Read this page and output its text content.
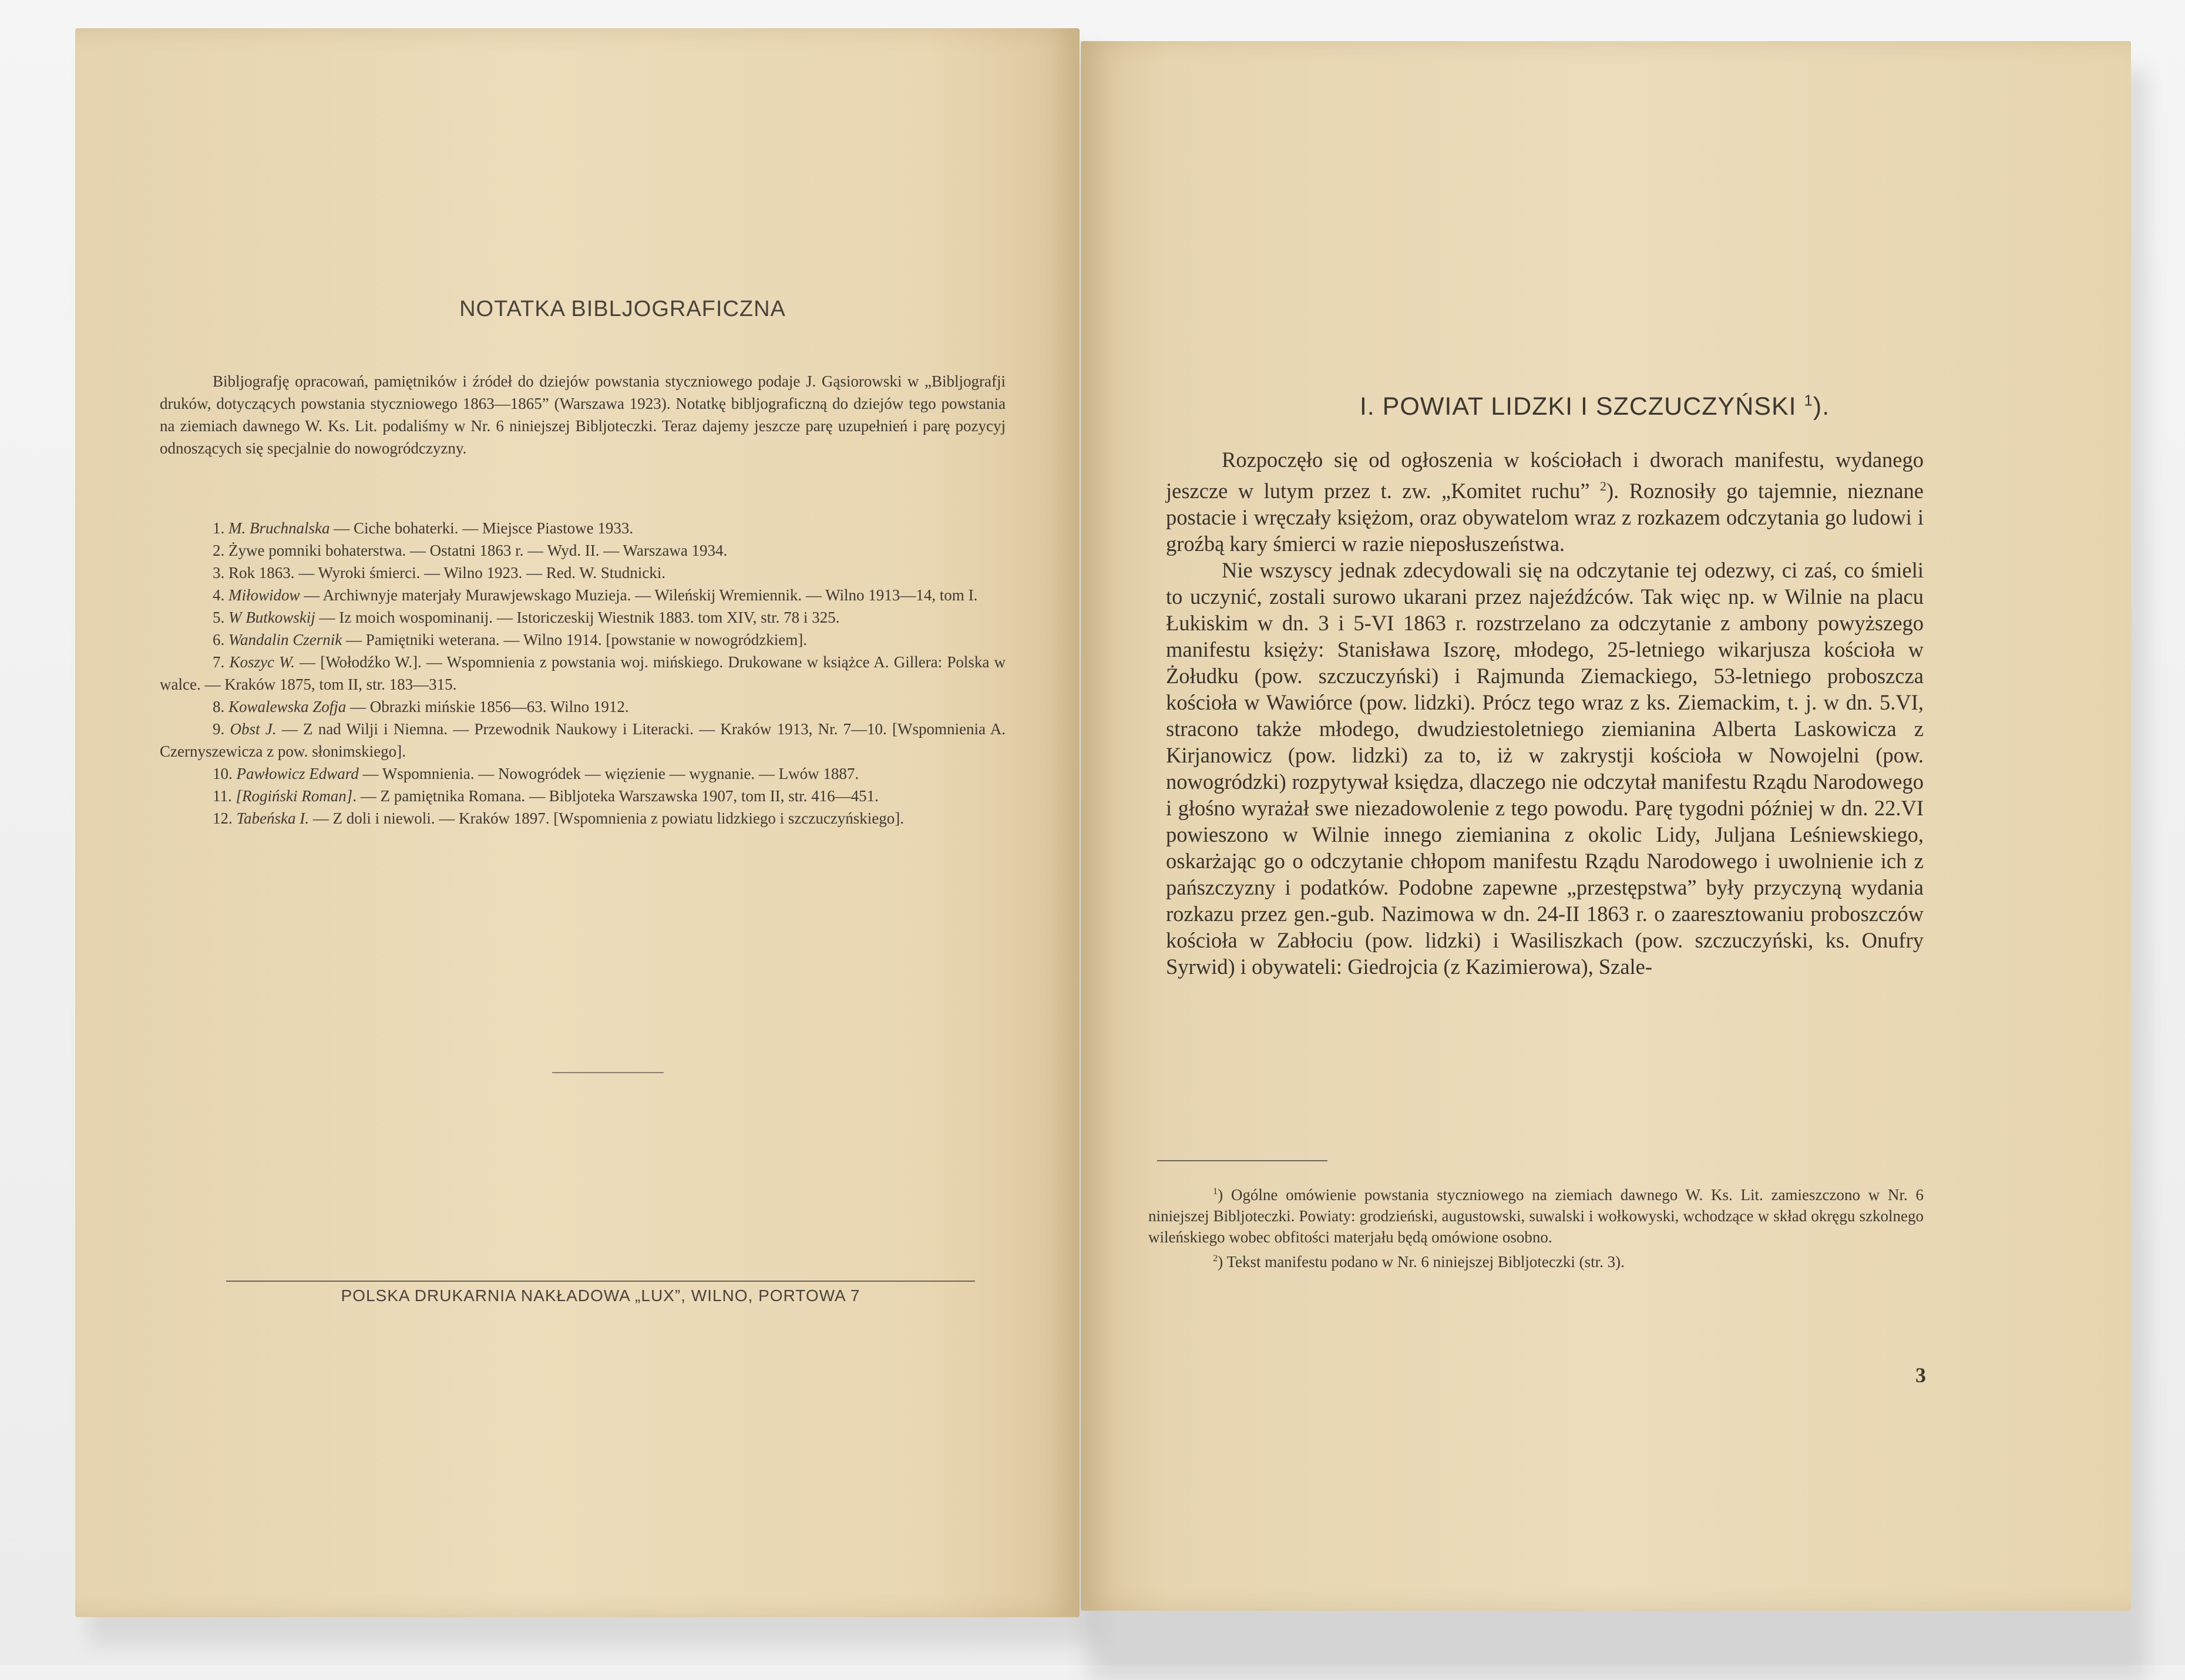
NOTATKA BIBLJOGRAFICZNA
Bibljografję opracowań, pamiętników i źródeł do dziejów powstania styczniowego podaje J. Gąsiorowski w „Bibljografji druków, dotyczących powstania styczniowego 1863—1865” (Warszawa 1923). Notatkę bibljograficzną do dziejów tego powstania na ziemiach dawnego W. Ks. Lit. podaliśmy w Nr. 6 niniejszej Bibljoteczki. Teraz dajemy jeszcze parę uzupełnień i parę pozycyj odnoszących się specjalnie do nowogródczyzny.
1. M. Bruchnalska — Ciche bohaterki. — Miejsce Piastowe 1933.
2. Żywe pomniki bohaterstwa. — Ostatni 1863 r. — Wyd. II. — Warszawa 1934.
3. Rok 1863. — Wyroki śmierci. — Wilno 1923. — Red. W. Studnicki.
4. Miłowidow — Archiwnyje materjały Murawjewskago Muzieja. — Wileńskij Wremiennik. — Wilno 1913—14, tom I.
5. W Butkowskij — Iz moich wospominanij. — Istoriczeskij Wiestnik 1883. tom XIV, str. 78 i 325.
6. Wandalin Czernik — Pamiętniki weterana. — Wilno 1914. [powstanie w nowogródzkiem].
7. Koszyc W. — [Wołodźko W.]. — Wspomnienia z powstania woj. mińskiego. Drukowane w książce A. Gillera: Polska w walce. — Kraków 1875, tom II, str. 183—315.
8. Kowalewska Zofja — Obrazki mińskie 1856—63. Wilno 1912.
9. Obst J. — Z nad Wilji i Niemna. — Przewodnik Naukowy i Literacki. — Kraków 1913, Nr. 7—10. [Wspomnienia A. Czernyszewicza z pow. słonimskiego].
10. Pawłowicz Edward — Wspomnienia. — Nowogródek — więzienie — wygnanie. — Lwów 1887.
11. [Rogiński Roman]. — Z pamiętnika Romana. — Bibljoteka Warszawska 1907, tom II, str. 416—451.
12. Tabeńska I. — Z doli i niewoli. — Kraków 1897. [Wspomnienia z powiatu lidzkiego i szczuczyńskiego].
POLSKA DRUKARNIA NAKŁADOWA „LUX”, WILNO, PORTOWA 7
I. POWIAT LIDZKI I SZCZUCZYŃSKI $^1$).

Rozpoczęło się od ogłoszenia w kościołach i dworach manifestu, wydanego jeszcze w lutym przez t. zw. „Komitet ruchu” $^2$). Roznosiły go tajemnie, nieznane postacie i wręczały księżom, oraz obywatelom wraz z rozkazem odczytania go ludowi i groźbą kary śmierci w razie nieposłuszeństwa.

Nie wszyscy jednak zdecydowali się na odczytanie tej odezwy, ci zaś, co śmieli to uczynić, zostali surowo ukarani przez najeźdźców. Tak więc np. w Wilnie na placu Łukiskim w dn. 3 i 5-VI 1863 r. rozstrzelano za odczytanie z ambony powyższego manifestu księży: Stanisława Iszorę, młodego, 25-letniego wikarjusza kościoła w Żołudku (pow. szczuczyński) i Rajmunda Ziemackiego, 53-letniego proboszcza kościoła w Wawiórce (pow. lidzki). Prócz tego wraz z ks. Ziemackim, t. j. w dn. 5.VI, stracono także młodego, dwudziestoletniego ziemianina Alberta Laskowicza z Kirjanowicz (pow. lidzki) za to, iż w zakrystji kościoła w Nowojelni (pow. nowogródzki) rozpytywał księdza, dlaczego nie odczytał manifestu Rządu Narodowego i głośno wyrażał swe niezadowolenie z tego powodu. Parę tygodni później w dn. 22.VI powieszono w Wilnie innego ziemianina z okolic Lidy, Juljana Leśniewskiego, oskarżając go o odczytanie chłopom manifestu Rządu Narodowego i uwolnienie ich z pańszczyzny i podatków. Podobne zapewne „przestępstwa” były przyczyną wydania rozkazu przez gen.-gub. Nazimowa w dn. 24-II 1863 r. o zaaresztowaniu proboszczów kościoła w Zabłociu (pow. lidzki) i Wasiliszkach (pow. szczuczyński, ks. Onufry Syrwid) i obywateli: Giedrojcia (z Kazimierowa), Szale-

$^1$) Ogólne omówienie powstania styczniowego na ziemiach dawnego W. Ks. Lit. zamieszczono w Nr. 6 niniejszej Bibljoteczki. Powiaty: grodzieński, augustowski, suwalski i wołkowyski, wchodzące w skład okręgu szkolnego wileńskiego wobec obfitości materjału będą omówione osobno.

$^2$) Tekst manifestu podano w Nr. 6 niniejszej Bibljoteczki (str. 3).

3
